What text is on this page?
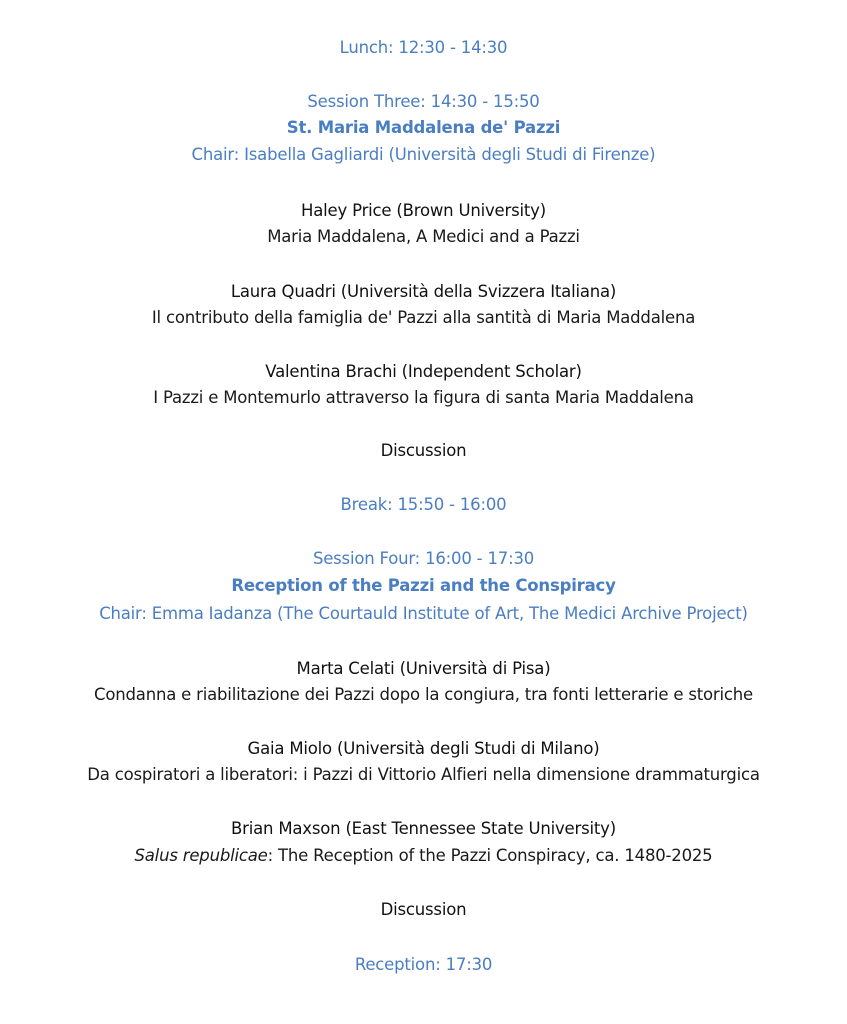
Lunch: 12:30 - 14:30
Session Three: 14:30 - 15:50
St. Maria Maddalena de' Pazzi
Chair: Isabella Gagliardi (Università degli Studi di Firenze)
Haley Price (Brown University)
Maria Maddalena, A Medici and a Pazzi
Laura Quadri (Università della Svizzera Italiana)
Il contributo della famiglia de' Pazzi alla santità di Maria Maddalena
Valentina Brachi (Independent Scholar)
I Pazzi e Montemurlo attraverso la figura di santa Maria Maddalena
Discussion
Break: 15:50 - 16:00
Session Four: 16:00 - 17:30
Reception of the Pazzi and the Conspiracy
Chair: Emma Iadanza (The Courtauld Institute of Art, The Medici Archive Project)
Marta Celati (Università di Pisa)
Condanna e riabilitazione dei Pazzi dopo la congiura, tra fonti letterarie e storiche
Gaia Miolo (Università degli Studi di Milano)
Da cospiratori a liberatori: i Pazzi di Vittorio Alfieri nella dimensione drammaturgica
Brian Maxson (East Tennessee State University)
Salus republicae: The Reception of the Pazzi Conspiracy, ca. 1480-2025
Discussion
Reception: 17:30
